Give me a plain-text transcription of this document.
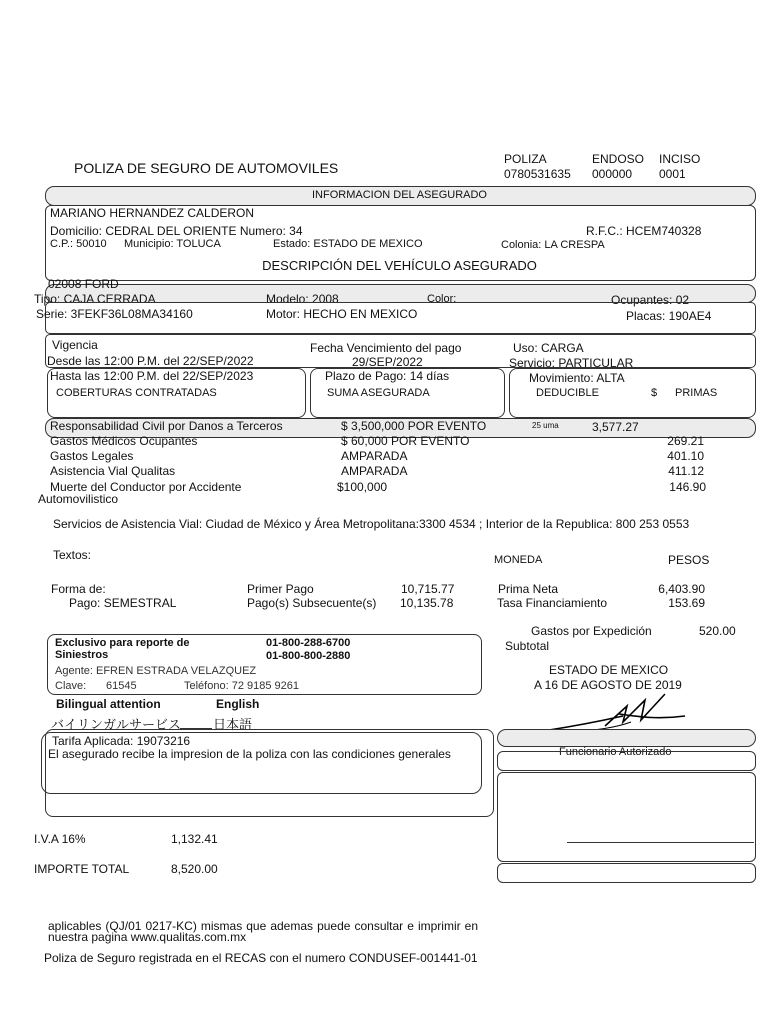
POLIZA DE SEGURO DE AUTOMOVILES
POLIZA
0780531635
ENDOSO
000000
INCISO
0001
INFORMACION DEL ASEGURADO
MARIANO HERNANDEZ CALDERON
Domicilio: CEDRAL DEL ORIENTE Numero: 34	R.F.C.: HCEM740328
C.P.: 50010 Municipio: TOLUCA	Estado: ESTADO DE MEXICO	Colonia: LA CRESPA
DESCRIPCIÓN DEL VEHÍCULO ASEGURADO
02008 FORD
Tipo: CAJA CERRADA	Modelo: 2008	Color:	Ocupantes: 02
Serie: 3FEKF36L08MA34160	Motor: HECHO EN MEXICO	Placas: 190AE4
Vigencia
Desde las 12:00 P.M. del 22/SEP/2022
Fecha Vencimiento del pago
29/SEP/2022
Uso: CARGA
Servicio: PARTICULAR
Hasta las 12:00 P.M. del 22/SEP/2023
COBERTURAS CONTRATADAS
Plazo de Pago: 14 días
SUMA ASEGURADA
Movimiento: ALTA
DEDUCIBLE	$ PRIMAS
Responsabilidad Civil por Danos a Terceros	$ 3,500,000 POR EVENTO	25 uma	3,577.27
Gastos Médicos Ocupantes	$ 60,000 POR EVENTO	269.21
Gastos Legales	AMPARADA	401.10
Asistencia Vial Qualitas	AMPARADA	411.12
Muerte del Conductor por Accidente	$100,000	146.90
Automovilistico
Servicios de Asistencia Vial: Ciudad de México y Área Metropolitana:3300 4534 ; Interior de la Republica: 800 253 0553
Textos:	MONEDA	PESOS
Forma de:
Pago: SEMESTRAL
Primer Pago	10,715.77
Pago(s) Subsecuente(s) 10,135.78
Prima Neta	6,403.90
Tasa Financiamiento	153.69
Gastos por Expedición	520.00
Subtotal
Exclusivo para reporte de
Siniestros
01-800-288-6700
01-800-800-2880
Agente: EFREN ESTRADA VELAZQUEZ
Clave: 61545	Teléfono: 72 9185 9261
ESTADO DE MEXICO
A 16 DE AGOSTO DE 2019
Bilingual attention	English
バイリンガルサービス 日本語
Funcionario Autorizado
Tarifa Aplicada: 19073216
El asegurado recibe la impresion de la poliza con las condiciones generales
I.V.A 16%	1,132.41
IMPORTE TOTAL	8,520.00
aplicables (QJ/01 0217-KC) mismas que ademas puede consultar e imprimir en nuestra pagina www.qualitas.com.mx
Poliza de Seguro registrada en el RECAS con el numero CONDUSEF-001441-01
